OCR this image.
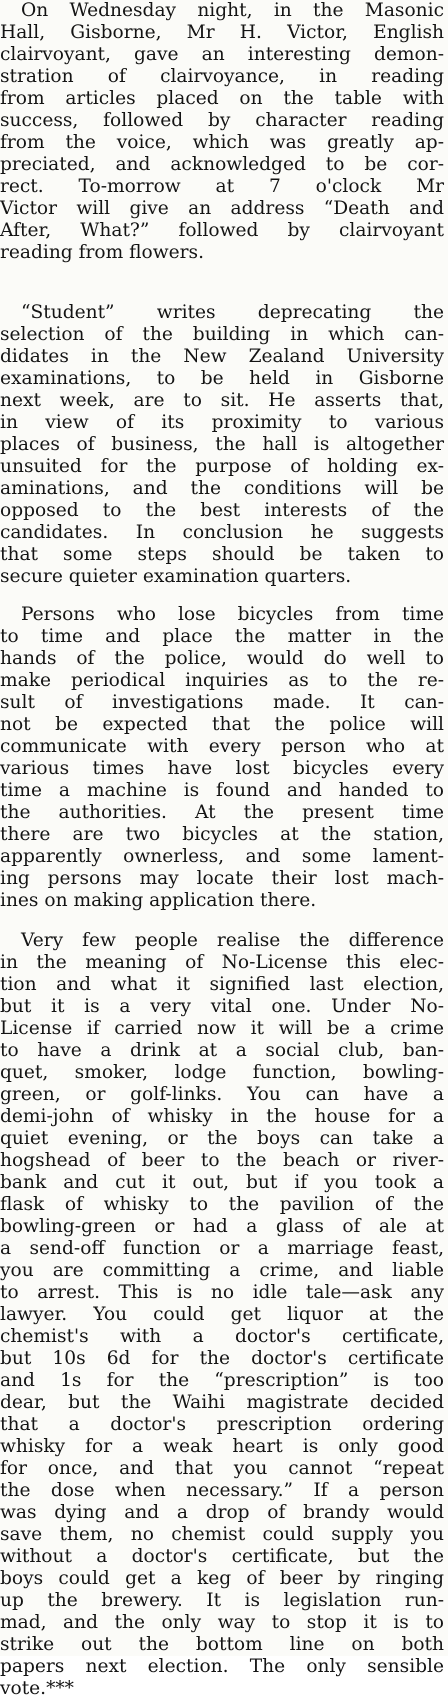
On Wednesday night, in the Masonic
Hall, Gisborne, Mr H. Victor, English
clairvoyant, gave an interesting demon-
stration of clairvoyance, in reading
from articles placed on the table with
success, followed by character reading
from the voice, which was greatly ap-
preciated, and acknowledged to be cor-
rect. To-morrow at 7 o'clock Mr
Victor will give an address “Death and
After, What?” followed by clairvoyant
reading from flowers.
“Student” writes deprecating the
selection of the building in which can-
didates in the New Zealand University
examinations, to be held in Gisborne
next week, are to sit. He asserts that,
in view of its proximity to various
places of business, the hall is altogether
unsuited for the purpose of holding ex-
aminations, and the conditions will be
opposed to the best interests of the
candidates. In conclusion he suggests
that some steps should be taken to
secure quieter examination quarters.
Persons who lose bicycles from time
to time and place the matter in the
hands of the police, would do well to
make periodical inquiries as to the re-
sult of investigations made. It can-
not be expected that the police will
communicate with every person who at
various times have lost bicycles every
time a machine is found and handed to
the authorities. At the present time
there are two bicycles at the station,
apparently ownerless, and some lament-
ing persons may locate their lost mach-
ines on making application there.
Very few people realise the difference
in the meaning of No-License this elec-
tion and what it signified last election,
but it is a very vital one. Under No-
License if carried now it will be a crime
to have a drink at a social club, ban-
quet, smoker, lodge function, bowling-
green, or golf-links. You can have a
demi-john of whisky in the house for a
quiet evening, or the boys can take a
hogshead of beer to the beach or river-
bank and cut it out, but if you took a
flask of whisky to the pavilion of the
bowling-green or had a glass of ale at
a send-off function or a marriage feast,
you are committing a crime, and liable
to arrest. This is no idle tale—ask any
lawyer. You could get liquor at the
chemist's with a doctor's certificate,
but 10s 6d for the doctor's certificate
and 1s for the “prescription” is too
dear, but the Waihi magistrate decided
that a doctor's prescription ordering
whisky for a weak heart is only good
for once, and that you cannot “repeat
the dose when necessary.” If a person
was dying and a drop of brandy would
save them, no chemist could supply you
without a doctor's certificate, but the
boys could get a keg of beer by ringing
up the brewery. It is legislation run-
mad, and the only way to stop it is to
strike out the bottom line on both
papers next election. The only sensible
vote.***
